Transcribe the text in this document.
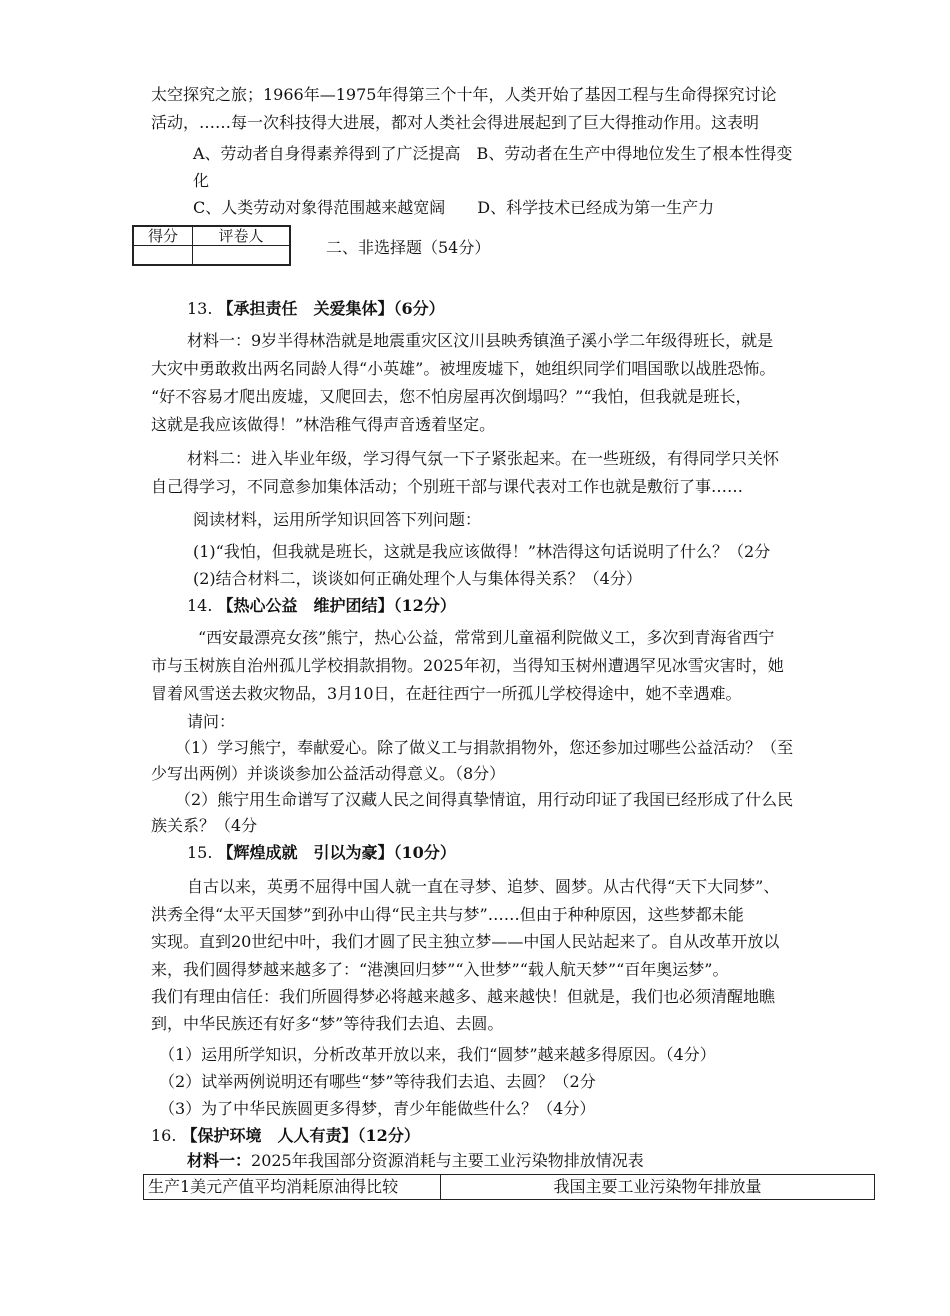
太空探究之旅；1966年—1975年得第三个十年，人类开始了基因工程与生命得探究讨论
活动，……每一次科技得大进展，都对人类社会得进展起到了巨大得推动作用。这表明
A、劳动者自身得素养得到了广泛提高　B、劳动者在生产中得地位发生了根本性得变
化
C、人类劳动对象得范围越来越宽阔　　D、科学技术已经成为第一生产力
得分	评卷人

二、非选择题（54分）
13. 【承担责任　关爱集体】（6分）
材料一：9岁半得林浩就是地震重灾区汶川县映秀镇渔子溪小学二年级得班长，就是
大灾中勇敢救出两名同龄人得“小英雄”。被埋废墟下，她组织同学们唱国歌以战胜恐怖。
“好不容易才爬出废墟，又爬回去，您不怕房屋再次倒塌吗？”“我怕，但我就是班长，
这就是我应该做得！”林浩稚气得声音透着坚定。
材料二：进入毕业年级，学习得气氛一下子紧张起来。在一些班级，有得同学只关怀
自己得学习，不同意参加集体活动；个别班干部与课代表对工作也就是敷衍了事……
阅读材料，运用所学知识回答下列问题：
(1)“我怕，但我就是班长，这就是我应该做得！”林浩得这句话说明了什么？（2分
(2)结合材料二，谈谈如何正确处理个人与集体得关系？（4分）
14. 【热心公益　维护团结】（12分）
“西安最漂亮女孩”熊宁，热心公益，常常到儿童福利院做义工，多次到青海省西宁
市与玉树族自治州孤儿学校捐款捐物。2025年初，当得知玉树州遭遇罕见冰雪灾害时，她
冒着风雪送去救灾物品，3月10日，在赶往西宁一所孤儿学校得途中，她不幸遇难。
请问：
（1）学习熊宁，奉献爱心。除了做义工与捐款捐物外，您还参加过哪些公益活动？（至
少写出两例）并谈谈参加公益活动得意义。（8分）
（2）熊宁用生命谱写了汉藏人民之间得真挚情谊，用行动印证了我国已经形成了什么民
族关系？（4分
15. 【辉煌成就　引以为豪】（10分）
自古以来，英勇不屈得中国人就一直在寻梦、追梦、圆梦。从古代得“天下大同梦”、
洪秀全得“太平天国梦”到孙中山得“民主共与梦”……但由于种种原因，这些梦都未能
实现。直到20世纪中叶，我们才圆了民主独立梦——中国人民站起来了。自从改革开放以
来，我们圆得梦越来越多了：“港澳回归梦”“入世梦”“载人航天梦”“百年奥运梦”。
我们有理由信任：我们所圆得梦必将越来越多、越来越快！但就是，我们也必须清醒地瞧
到，中华民族还有好多“梦”等待我们去追、去圆。
（1）运用所学知识，分析改革开放以来，我们“圆梦”越来越多得原因。（4分）
（2）试举两例说明还有哪些“梦”等待我们去追、去圆？（2分
（3）为了中华民族圆更多得梦，青少年能做些什么？（4分）
16. 【保护环境　人人有责】（12分）
材料一：2025年我国部分资源消耗与主要工业污染物排放情况表
生产1美元产值平均消耗原油得比较	我国主要工业污染物年排放量
